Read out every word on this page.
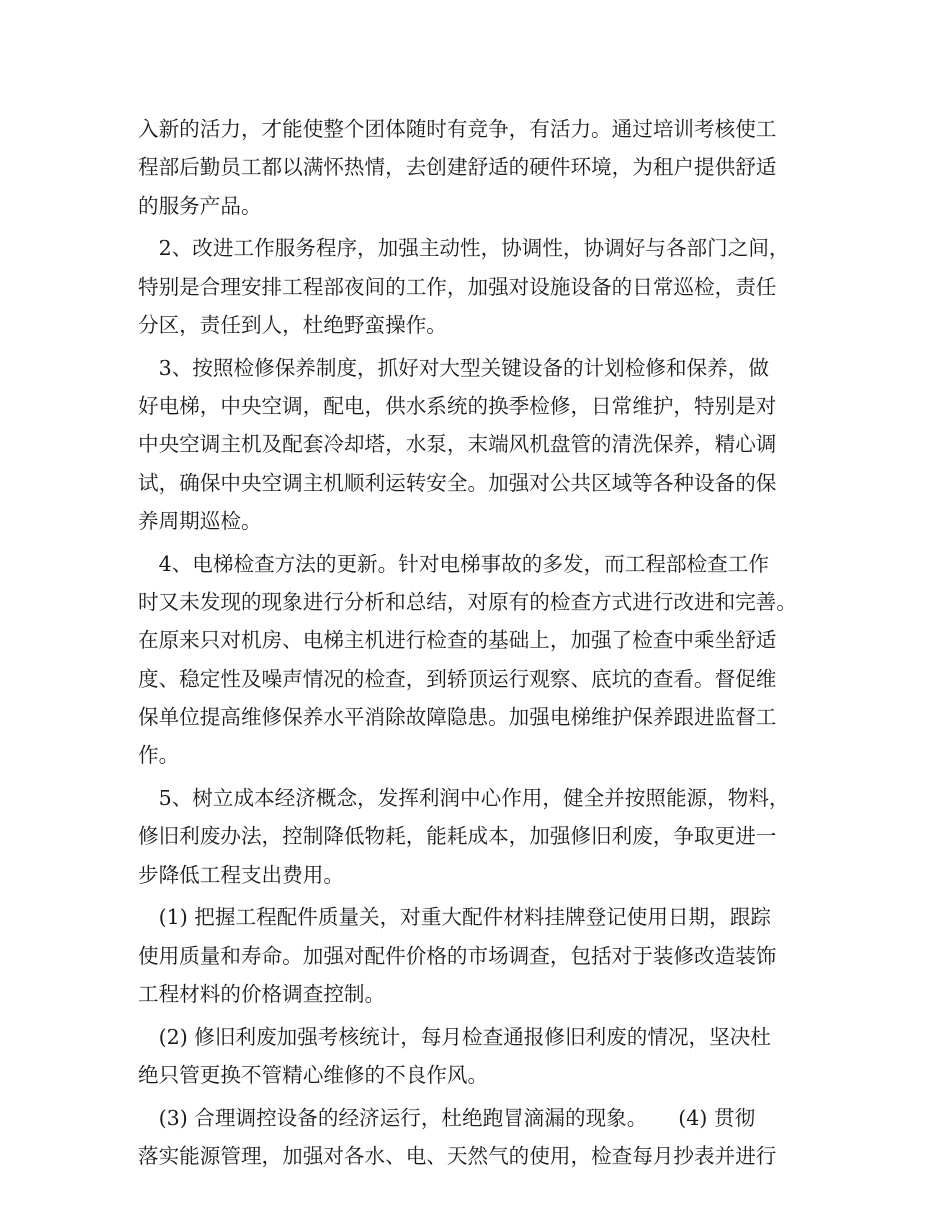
入新的活力，才能使整个团体随时有竞争，有活力。通过培训考核使工
程部后勤员工都以满怀热情，去创建舒适的硬件环境，为租户提供舒适
的服务产品。
　2、改进工作服务程序，加强主动性，协调性，协调好与各部门之间，
特别是合理安排工程部夜间的工作，加强对设施设备的日常巡检，责任
分区，责任到人，杜绝野蛮操作。
　3、按照检修保养制度，抓好对大型关键设备的计划检修和保养，做
好电梯，中央空调，配电，供水系统的换季检修，日常维护，特别是对
中央空调主机及配套冷却塔，水泵，末端风机盘管的清洗保养，精心调
试，确保中央空调主机顺利运转安全。加强对公共区域等各种设备的保
养周期巡检。
　4、电梯检查方法的更新。针对电梯事故的多发，而工程部检查工作
时又未发现的现象进行分析和总结，对原有的检查方式进行改进和完善。
在原来只对机房、电梯主机进行检查的基础上，加强了检查中乘坐舒适
度、稳定性及噪声情况的检查，到轿顶运行观察、底坑的查看。督促维
保单位提高维修保养水平消除故障隐患。加强电梯维护保养跟进监督工
作。
　5、树立成本经济概念，发挥利润中心作用，健全并按照能源，物料，
修旧利废办法，控制降低物耗，能耗成本，加强修旧利废，争取更进一
步降低工程支出费用。
　(1) 把握工程配件质量关，对重大配件材料挂牌登记使用日期，跟踪
使用质量和寿命。加强对配件价格的市场调查，包括对于装修改造装饰
工程材料的价格调查控制。
　(2) 修旧利废加强考核统计，每月检查通报修旧利废的情况，坚决杜
绝只管更换不管精心维修的不良作风。
　(3) 合理调控设备的经济运行，杜绝跑冒滴漏的现象。　　(4) 贯彻
落实能源管理，加强对各水、电、天然气的使用，检查每月抄表并进行
